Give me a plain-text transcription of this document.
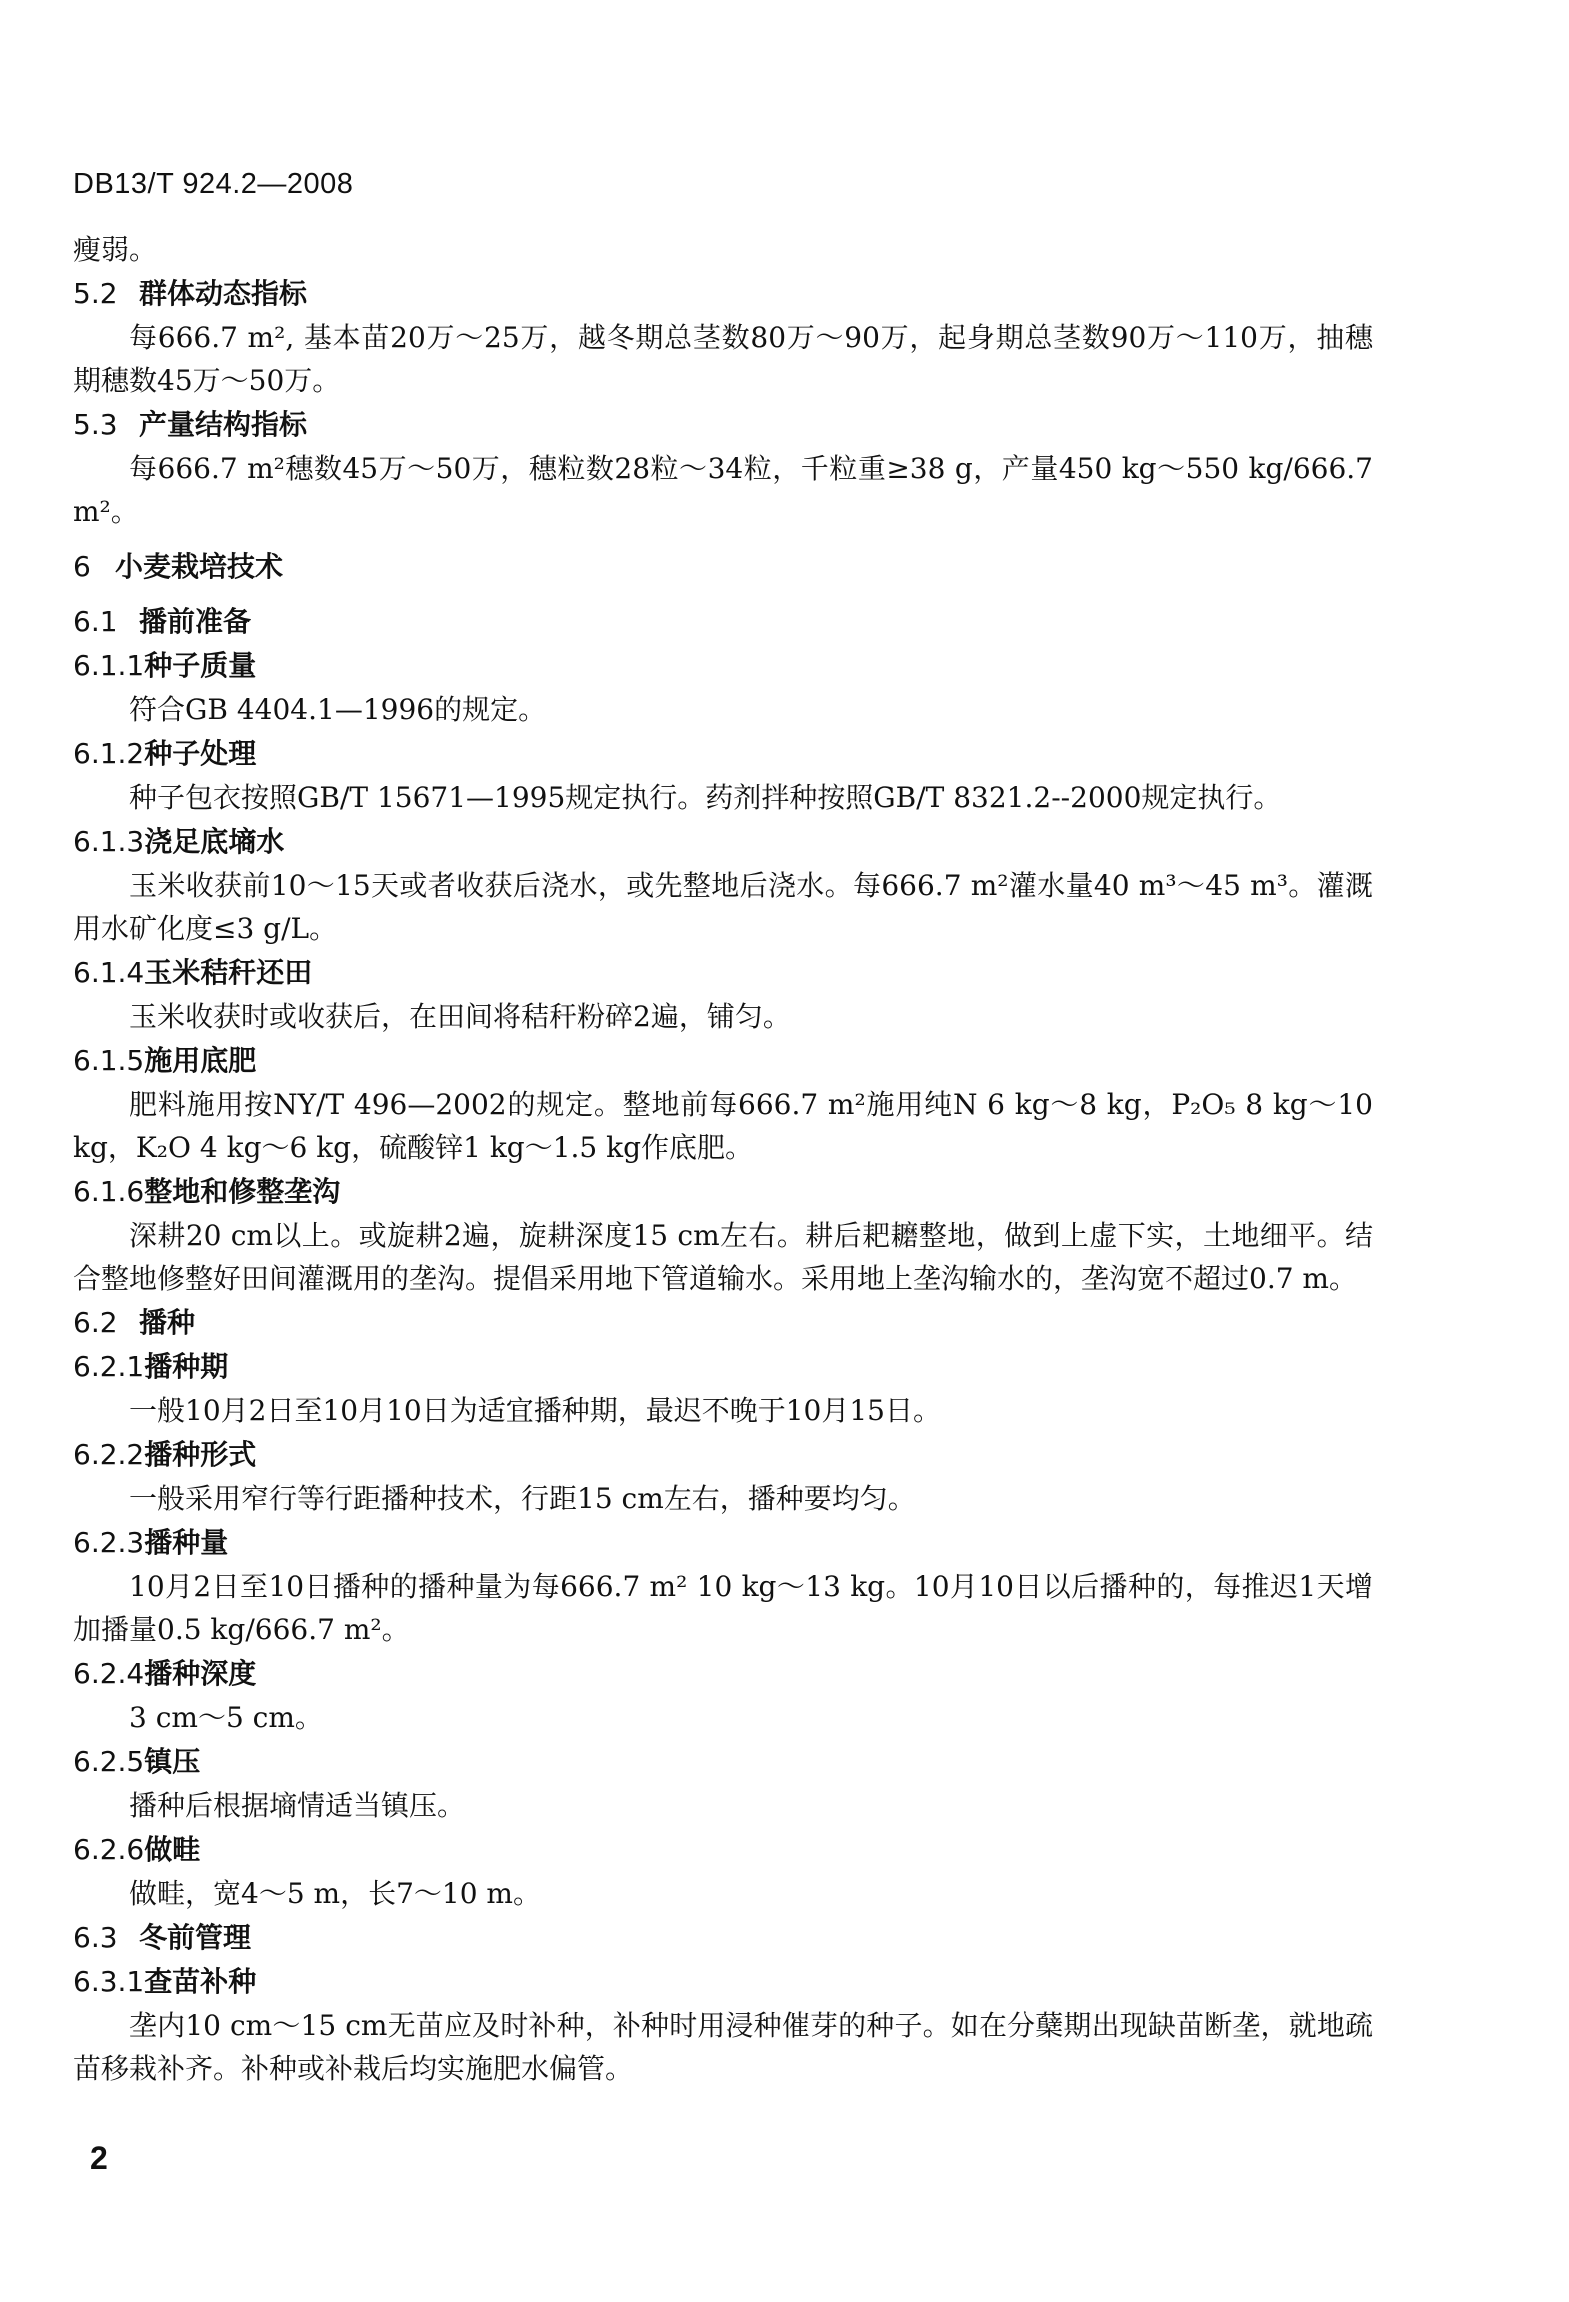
DB13/T 924.2—2008

瘦弱。

5.2 群体动态指标

每666.7 m², 基本苗20万～25万，越冬期总茎数80万～90万，起身期总茎数90万～110万，抽穗期穗数45万～50万。

5.3 产量结构指标

每666.7 m²穗数45万～50万，穗粒数28粒～34粒，千粒重≥38 g，产量450 kg～550 kg/666.7 m²。

6 小麦栽培技术
6.1 播前准备
6.1.1种子质量

符合GB 4404.1—1996的规定。

6.1.2种子处理

种子包衣按照GB/T 15671—1995规定执行。药剂拌种按照GB/T 8321.2--2000规定执行。

6.1.3浇足底墒水

玉米收获前10～15天或者收获后浇水，或先整地后浇水。每666.7 m²灌水量40 m³～45 m³。灌溉用水矿化度≤3 g/L。

6.1.4玉米秸秆还田

玉米收获时或收获后，在田间将秸秆粉碎2遍，铺匀。

6.1.5施用底肥

肥料施用按NY/T 496—2002的规定。整地前每666.7 m²施用纯N 6 kg～8 kg，P₂O₅ 8 kg～10 kg，K₂O 4 kg～6 kg，硫酸锌1 kg～1.5 kg作底肥。

6.1.6整地和修整垄沟

深耕20 cm以上。或旋耕2遍，旋耕深度15 cm左右。耕后耙耱整地，做到上虚下实，土地细平。结合整地修整好田间灌溉用的垄沟。提倡采用地下管道输水。采用地上垄沟输水的，垄沟宽不超过0.7 m。

6.2 播种
6.2.1播种期

一般10月2日至10月10日为适宜播种期，最迟不晚于10月15日。

6.2.2播种形式

一般采用窄行等行距播种技术，行距15 cm左右，播种要均匀。

6.2.3播种量

10月2日至10日播种的播种量为每666.7 m² 10 kg～13 kg。10月10日以后播种的，每推迟1天增加播量0.5 kg/666.7 m²。

6.2.4播种深度

3 cm～5 cm。

6.2.5镇压

播种后根据墒情适当镇压。

6.2.6做畦

做畦，宽4～5 m，长7～10 m。

6.3 冬前管理
6.3.1查苗补种

垄内10 cm～15 cm无苗应及时补种，补种时用浸种催芽的种子。如在分蘖期出现缺苗断垄，就地疏苗移栽补齐。补种或补栽后均实施肥水偏管。

2
